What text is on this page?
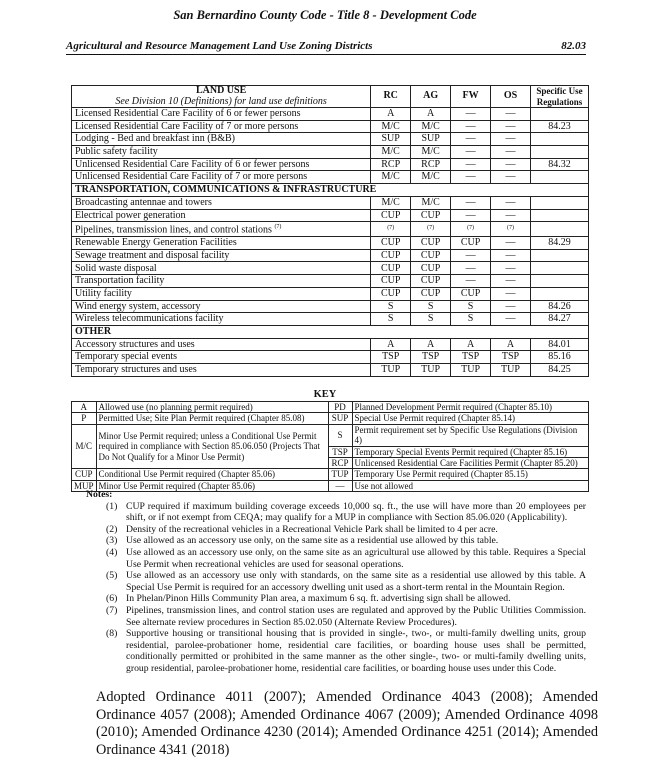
San Bernardino County Code - Title 8 - Development Code
Agricultural and Resource Management Land Use Zoning Districts	82.03
LAND USE
See Division 10 (Definitions) for land use definitions	RC	AG	FW	OS	Specific Use Regulations
Licensed Residential Care Facility of 6 or fewer persons	A	A	—	—	
Licensed Residential Care Facility of 7 or more persons	M/C	M/C	—	—	84.23
Lodging - Bed and breakfast inn (B&B)	SUP	SUP	—	—	
Public safety facility	M/C	M/C	—	—	
Unlicensed Residential Care Facility of 6 or fewer persons	RCP	RCP	—	—	84.32
Unlicensed Residential Care Facility of 7 or more persons	M/C	M/C	—	—	
TRANSPORTATION, COMMUNICATIONS & INFRASTRUCTURE					
Broadcasting antennae and towers	M/C	M/C	—	—	
Electrical power generation	CUP	CUP	—	—	
Pipelines, transmission lines, and control stations $^{(7)}$	(7)	(7)	(7)	(7)	
Renewable Energy Generation Facilities	CUP	CUP	CUP	—	84.29
Sewage treatment and disposal facility	CUP	CUP	—	—	
Solid waste disposal	CUP	CUP	—	—	
Transportation facility	CUP	CUP	—	—	
Utility facility	CUP	CUP	CUP	—	
Wind energy system, accessory	S	S	S	—	84.26
Wireless telecommunications facility	S	S	S	—	84.27
OTHER					
Accessory structures and uses	A	A	A	A	84.01
Temporary special events	TSP	TSP	TSP	TSP	85.16
Temporary structures and uses	TUP	TUP	TUP	TUP	84.25
KEY
A	Allowed use (no planning permit required)	PD	Planned Development Permit required (Chapter 85.10)
P	Permitted Use; Site Plan Permit required (Chapter 85.08)	SUP	Special Use Permit required (Chapter 85.14)
M/C	Minor Use Permit required; unless a Conditional Use Permit required in compliance with Section 85.06.050 (Projects That Do Not Qualify for a Minor Use Permit)	S	Permit requirement set by Specific Use Regulations (Division 4)
		TSP	Temporary Special Events Permit required (Chapter 85.16)
		RCP	Unlicensed Residential Care Facilities Permit (Chapter 85.20)
CUP	Conditional Use Permit required (Chapter 85.06)	TUP	Temporary Use Permit required (Chapter 85.15)
MUP	Minor Use Permit required (Chapter 85.06)	—	Use not allowed
Notes:
(1) CUP required if maximum building coverage exceeds 10,000 sq. ft., the use will have more than 20 employees per shift, or if not exempt from CEQA; may qualify for a MUP in compliance with Section 85.06.020 (Applicability).
(2) Density of the recreational vehicles in a Recreational Vehicle Park shall be limited to 4 per acre.
(3) Use allowed as an accessory use only, on the same site as a residential use allowed by this table.
(4) Use allowed as an accessory use only, on the same site as an agricultural use allowed by this table. Requires a Special Use Permit when recreational vehicles are used for seasonal operations.
(5) Use allowed as an accessory use only with standards, on the same site as a residential use allowed by this table. A Special Use Permit is required for an accessory dwelling unit used as a short-term rental in the Mountain Region.
(6) In Phelan/Pinon Hills Community Plan area, a maximum 6 sq. ft. advertising sign shall be allowed.
(7) Pipelines, transmission lines, and control station uses are regulated and approved by the Public Utilities Commission. See alternate review procedures in Section 85.02.050 (Alternate Review Procedures).
(8) Supportive housing or transitional housing that is provided in single-, two-, or multi-family dwelling units, group residential, parolee-probationer home, residential care facilities, or boarding house uses shall be permitted, conditionally permitted or prohibited in the same manner as the other single-, two- or multi-family dwelling units, group residential, parolee-probationer home, residential care facilities, or boarding house uses under this Code.
Adopted Ordinance 4011 (2007); Amended Ordinance 4043 (2008); Amended Ordinance 4057 (2008); Amended Ordinance 4067 (2009); Amended Ordinance 4098 (2010); Amended Ordinance 4230 (2014); Amended Ordinance 4251 (2014); Amended Ordinance 4341 (2018)
